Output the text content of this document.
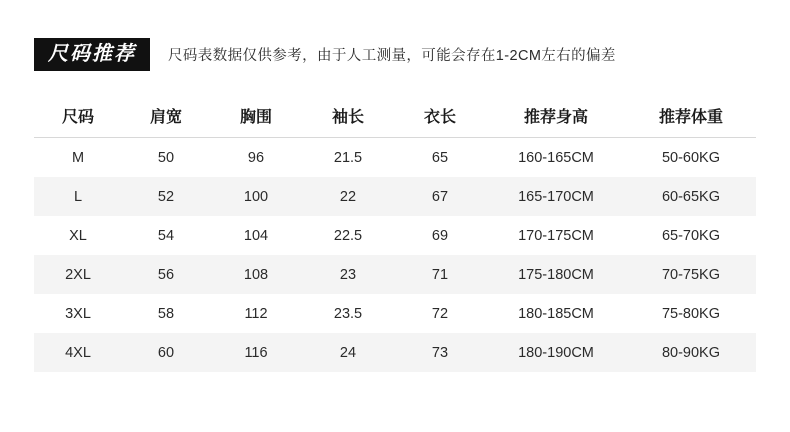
尺码推荐	尺码表数据仅供参考，由于人工测量，可能会存在1-2CM左右的偏差
尺码	肩宽	胸围	袖长	衣长	推荐身高	推荐体重
M	50	96	21.5	65	160-165CM	50-60KG
L	52	100	22	67	165-170CM	60-65KG
XL	54	104	22.5	69	170-175CM	65-70KG
2XL	56	108	23	71	175-180CM	70-75KG
3XL	58	112	23.5	72	180-185CM	75-80KG
4XL	60	116	24	73	180-190CM	80-90KG
